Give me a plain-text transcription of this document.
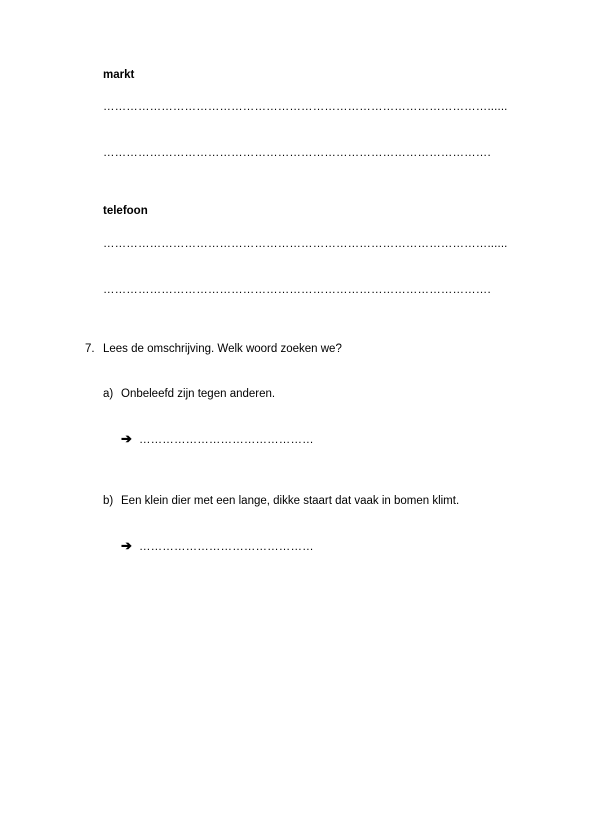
markt
………………………………………………………………………………………......
……………………………………………………………………………………….
telefoon
………………………………………………………………………………………......
……………………………………………………………………………………….
7. Lees de omschrijving. Welk woord zoeken we?
a) Onbeleefd zijn tegen anderen.
➔ ………………………………………
b) Een klein dier met een lange, dikke staart dat vaak in bomen klimt.
➔ ………………………………………
